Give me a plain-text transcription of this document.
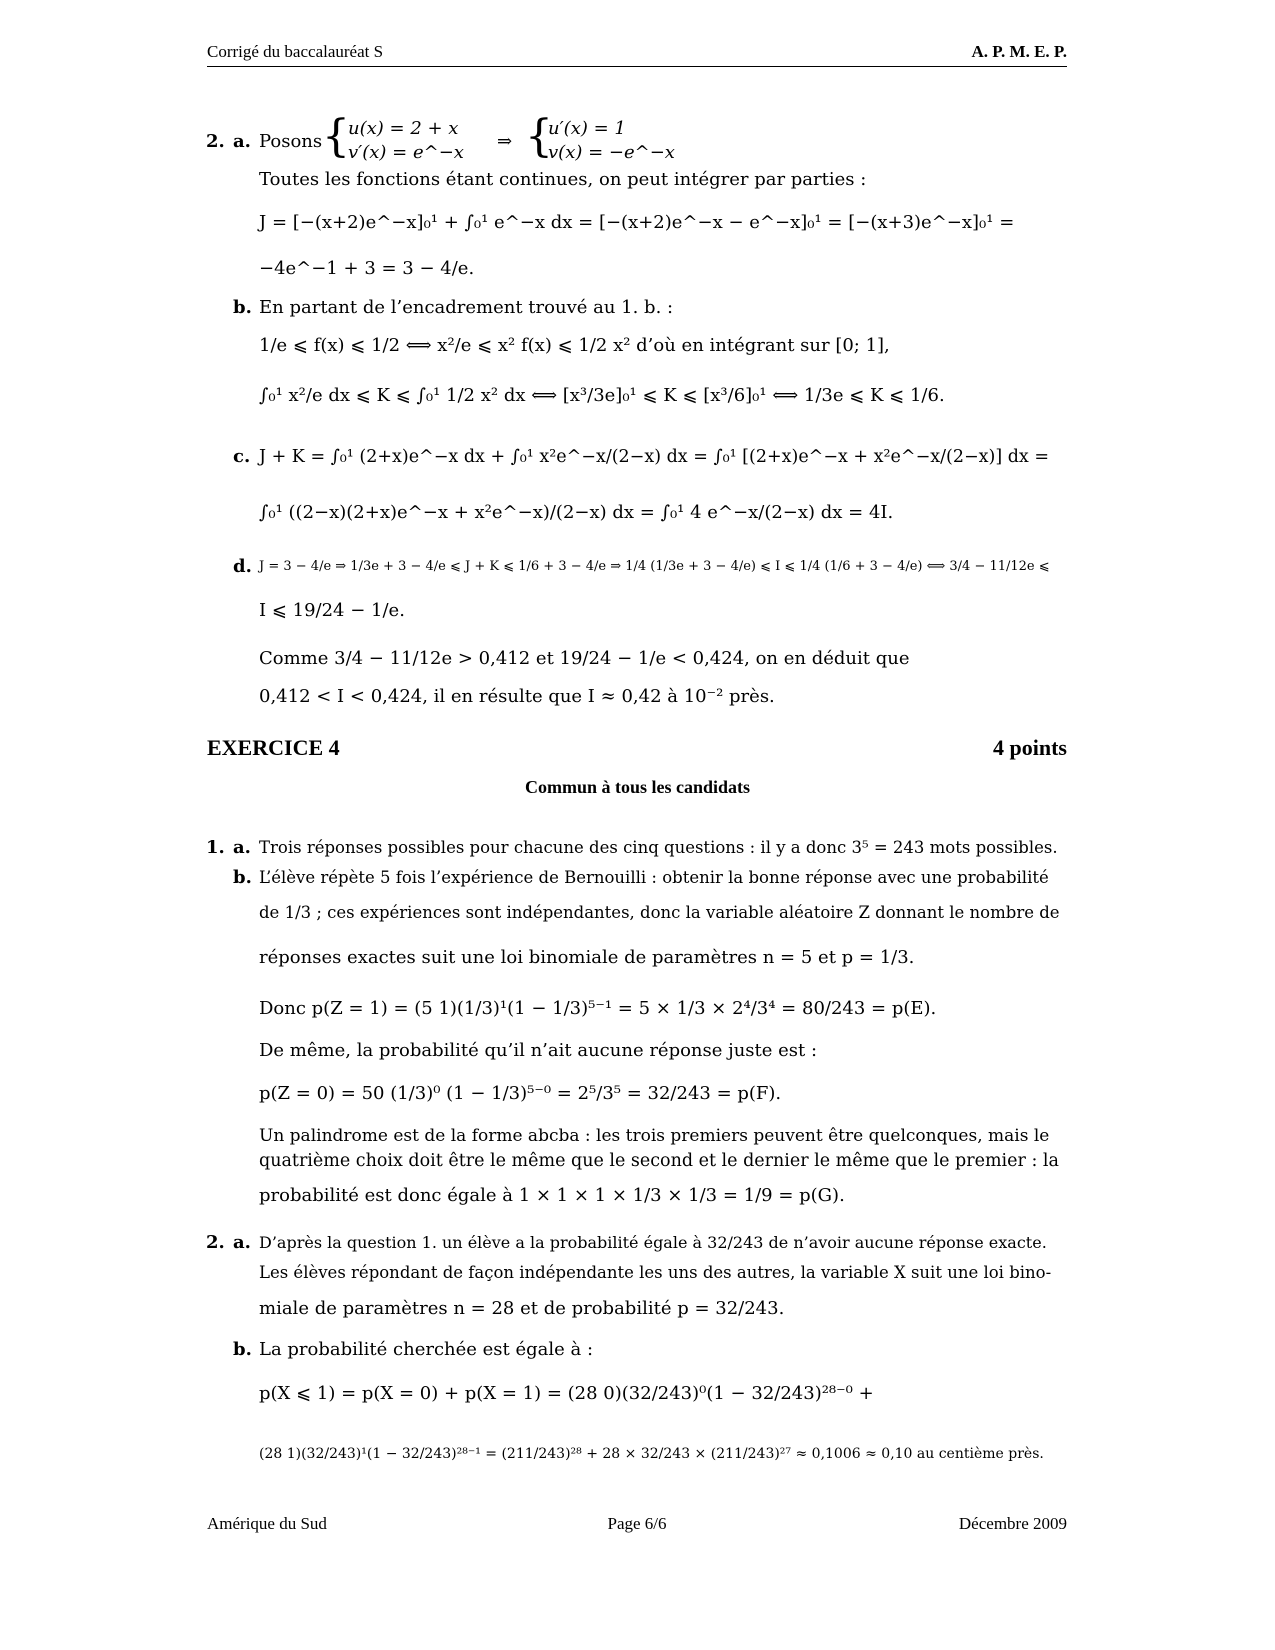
Corrigé du baccalauréat S	A. P. M. E. P.
2. a. Posons {
u(x) = 2 + x
v′(x) = e^−x
⇒ {
u′(x) = 1
v(x) = −e^−x
Toutes les fonctions étant continues, on peut intégrer par parties :
J = [−(x+2)e^−x]₀¹ + ∫₀¹ e^−x dx = [−(x+2)e^−x − e^−x]₀¹ = [−(x+3)e^−x]₀¹ =
−4e^−1 + 3 = 3 − 4/e.
b. En partant de l’encadrement trouvé au 1. b. :
1/e ⩽ f(x) ⩽ 1/2 ⟺ x²/e ⩽ x² f(x) ⩽ 1/2 x² d’où en intégrant sur [0; 1],
∫₀¹ x²/e dx ⩽ K ⩽ ∫₀¹ 1/2 x² dx ⟺ [x³/3e]₀¹ ⩽ K ⩽ [x³/6]₀¹ ⟺ 1/3e ⩽ K ⩽ 1/6.
c. J + K = ∫₀¹ (2+x)e^−x dx + ∫₀¹ x²e^−x/(2−x) dx = ∫₀¹ [(2+x)e^−x + x²e^−x/(2−x)] dx =
∫₀¹ ((2−x)(2+x)e^−x + x²e^−x)/(2−x) dx = ∫₀¹ 4 e^−x/(2−x) dx = 4I.
d. J = 3 − 4/e ⇒ 1/3e + 3 − 4/e ⩽ J + K ⩽ 1/6 + 3 − 4/e ⇒ 1/4 (1/3e + 3 − 4/e) ⩽ I ⩽ 1/4 (1/6 + 3 − 4/e) ⟺ 3/4 − 11/12e ⩽
I ⩽ 19/24 − 1/e.
Comme 3/4 − 11/12e > 0,412 et 19/24 − 1/e < 0,424, on en déduit que
0,412 < I < 0,424, il en résulte que I ≈ 0,42 à 10⁻² près.
EXERCICE 4	4 points
Commun à tous les candidats
1. a. Trois réponses possibles pour chacune des cinq questions : il y a donc 3⁵ = 243 mots possibles.
b. L’élève répète 5 fois l’expérience de Bernouilli : obtenir la bonne réponse avec une probabilité
de 1/3 ; ces expériences sont indépendantes, donc la variable aléatoire Z donnant le nombre de
réponses exactes suit une loi binomiale de paramètres n = 5 et p = 1/3.
Donc p(Z = 1) = (5 1)(1/3)¹(1 − 1/3)⁵⁻¹ = 5 × 1/3 × 2⁴/3⁴ = 80/243 = p(E).
De même, la probabilité qu’il n’ait aucune réponse juste est :
p(Z = 0) = 50 (1/3)⁰ (1 − 1/3)⁵⁻⁰ = 2⁵/3⁵ = 32/243 = p(F).
Un palindrome est de la forme abcba : les trois premiers peuvent être quelconques, mais le
quatrième choix doit être le même que le second et le dernier le même que le premier : la
probabilité est donc égale à 1 × 1 × 1 × 1/3 × 1/3 = 1/9 = p(G).
2. a. D’après la question 1. un élève a la probabilité égale à 32/243 de n’avoir aucune réponse exacte.
Les élèves répondant de façon indépendante les uns des autres, la variable X suit une loi bino-
miale de paramètres n = 28 et de probabilité p = 32/243.
b. La probabilité cherchée est égale à :
p(X ⩽ 1) = p(X = 0) + p(X = 1) = (28 0)(32/243)⁰(1 − 32/243)²⁸⁻⁰ +
(28 1)(32/243)¹(1 − 32/243)²⁸⁻¹ = (211/243)²⁸ + 28 × 32/243 × (211/243)²⁷ ≈ 0,1006 ≈ 0,10 au centième près.
Amérique du Sud	Page 6/6	Décembre 2009
